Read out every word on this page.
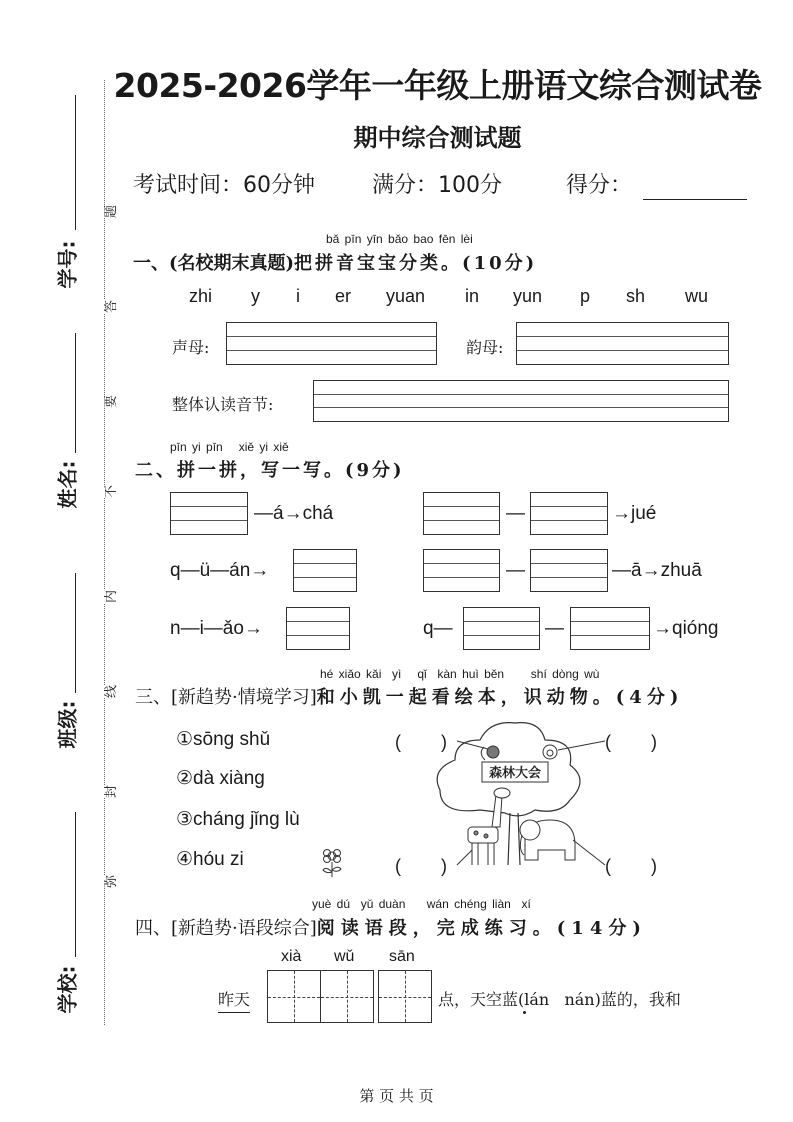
学号:
姓名:
班级:
学校:
题
答
要
不
内
线
封
弥
2025-2026学年一年级上册语文综合测试卷
期中综合测试题
考试时间：60分钟	满分：100分	得分：
bǎ pīn yīn bǎo bao fēn lèi
一、(名校期末真题)把拼音宝宝分类。(10分)
zhi y i er yuan in yun p sh wu
声母:	韵母:
整体认读音节:
pīn yi pīn   xiě yi xiě
二、拼一拼，写一写。(9分)
—á→chá	—	→jué
q—ü—án→	—	—ā→zhuā
n—i—ǎo→	q—	—	→qióng
hé xiǎo kǎi  yì   qǐ  kàn huì běn     shí dòng wù
三、[新趋势·情境学习]和小凯一起看绘本，识动物。(4分)
①sōng shǔ
②dà xiàng
③cháng jǐng lù
④hóu zi
(        )	(        )
(        )	(        )
森林大会
yuè dú  yǔ duàn    wán chéng liàn  xí
四、[新趋势·语段综合]阅读语段，完成练习。(14分)
xià wǔ sān
昨天	点，天空蓝(lán   nán)蓝的，我和
第 页 共 页
